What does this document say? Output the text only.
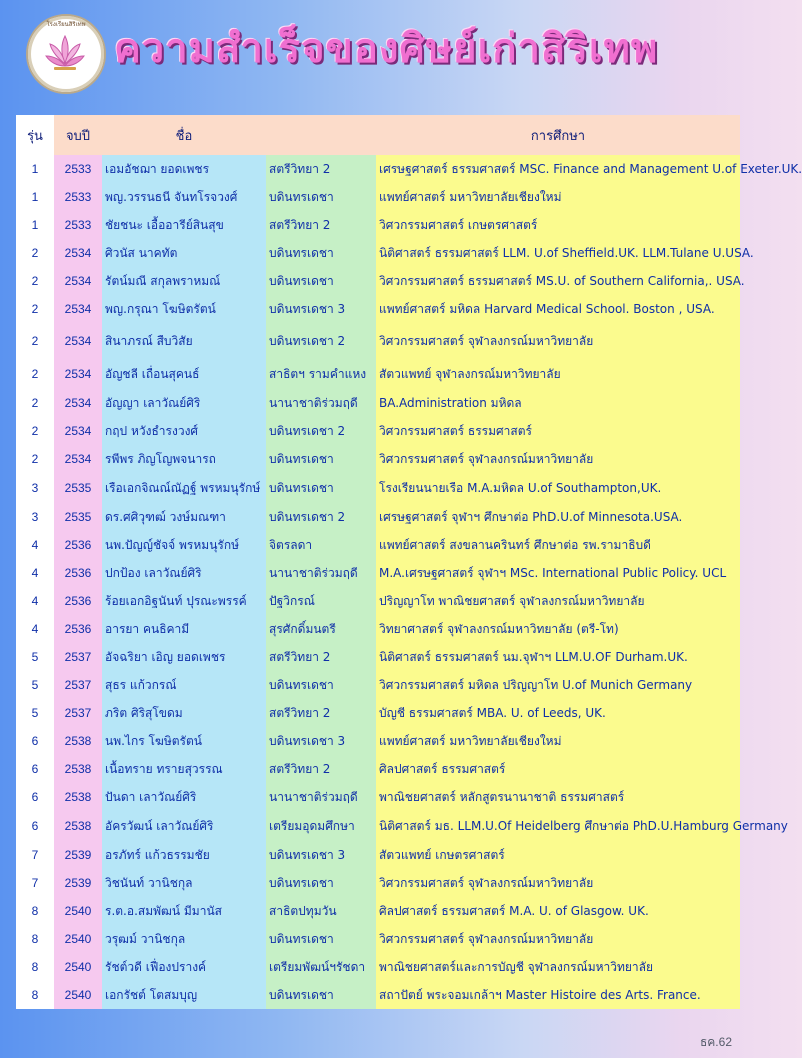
โรงเรียนสิริเทพ
ความสำเร็จของศิษย์เก่าสิริเทพ
รุ่น	จบปี	ชื่อ		การศึกษา
1	2533	เอมอัชฌา ยอดเพชร	สตรีวิทยา 2	เศรษฐศาสตร์ ธรรมศาสตร์ MSC. Finance and Management U.of Exeter.UK.
1	2533	พญ.วรรนธนี จันทโรจวงศ์	บดินทรเดชา	แพทย์ศาสตร์ มหาวิทยาลัยเชียงใหม่
1	2533	ชัยชนะ เอื้ออารีย์สินสุข	สตรีวิทยา 2	วิศวกรรมศาสตร์ เกษตรศาสตร์
2	2534	ศิวนัส นาคทัต	บดินทรเดชา	นิติศาสตร์ ธรรมศาสตร์ LLM. U.of Sheffield.UK. LLM.Tulane U.USA.
2	2534	รัตน์มณี สกุลพราหมณ์	บดินทรเดชา	วิศวกรรมศาสตร์ ธรรมศาสตร์ MS.U. of Southern California,. USA.
2	2534	พญ.กรุณา โฆษิตรัตน์	บดินทรเดชา 3	แพทย์ศาสตร์ มหิดล Harvard Medical School. Boston , USA.
2	2534	สินาภรณ์ สืบวิสัย	บดินทรเดชา 2	วิศวกรรมศาสตร์ จุฬาลงกรณ์มหาวิทยาลัย
2	2534	อัญชลี เถื่อนสุคนธ์	สาธิตฯ รามคำแหง	สัตวแพทย์ จุฬาลงกรณ์มหาวิทยาลัย
2	2534	อัญญา เลาวัณย์ศิริ	นานาชาติร่วมฤดี	BA.Administration มหิดล
2	2534	กฤป หวังธำรงวงศ์	บดินทรเดชา 2	วิศวกรรมศาสตร์ ธรรมศาสตร์
2	2534	รพีพร ภิญโญพจนารถ	บดินทรเดชา	วิศวกรรมศาสตร์ จุฬาลงกรณ์มหาวิทยาลัย
3	2535	เรือเอกจิณณ์ณัฏฐ์ พรหมนุรักษ์	บดินทรเดชา	โรงเรียนนายเรือ M.A.มหิดล U.of Southampton,UK.
3	2535	ดร.ศศิวุฑฒ์ วงษ์มณฑา	บดินทรเดชา 2	เศรษฐศาสตร์ จุฬาฯ ศึกษาต่อ PhD.U.of Minnesota.USA.
4	2536	นพ.ปัญญ์ชัจจ์ พรหมนุรักษ์	จิตรลดา	แพทย์ศาสตร์ สงขลานครินทร์ ศึกษาต่อ รพ.รามาธิบดี
4	2536	ปกป้อง เลาวัณย์ศิริ	นานาชาติร่วมฤดี	M.A.เศรษฐศาสตร์ จุฬาฯ MSc. International Public Policy. UCL
4	2536	ร้อยเอกอิฐนันท์ ปุรณะพรรค์	ปัฐวิกรณ์	ปริญญาโท พาณิชยศาสตร์ จุฬาลงกรณ์มหาวิทยาลัย
4	2536	อารยา คนธิคามี	สุรศักดิ์มนตรี	วิทยาศาสตร์ จุฬาลงกรณ์มหาวิทยาลัย (ตรี-โท)
5	2537	อัจฉริยา เอิญ ยอดเพชร	สตรีวิทยา 2	นิติศาสตร์ ธรรมศาสตร์ นม.จุฬาฯ LLM.U.OF Durham.UK.
5	2537	สุธร แก้วกรณ์	บดินทรเดชา	วิศวกรรมศาสตร์ มหิดล ปริญญาโท U.of Munich Germany
5	2537	ภริต ศิริสุโขดม	สตรีวิทยา 2	บัญชี ธรรมศาสตร์ MBA. U. of Leeds, UK.
6	2538	นพ.ไกร โฆษิตรัตน์	บดินทรเดชา 3	แพทย์ศาสตร์ มหาวิทยาลัยเชียงใหม่
6	2538	เนื้อทราย ทรายสุวรรณ	สตรีวิทยา 2	ศิลปศาสตร์ ธรรมศาสตร์
6	2538	ปันดา เลาวัณย์ศิริ	นานาชาติร่วมฤดี	พาณิชยศาสตร์ หลักสูตรนานาชาติ ธรรมศาสตร์
6	2538	อัครวัฒน์ เลาวัณย์ศิริ	เตรียมอุดมศึกษา	นิติศาสตร์ มธ. LLM.U.Of Heidelberg ศึกษาต่อ PhD.U.Hamburg Germany
7	2539	อรภัทร์ แก้วธรรมชัย	บดินทรเดชา 3	สัตวแพทย์ เกษตรศาสตร์
7	2539	วิชนันท์ วานิชกุล	บดินทรเดชา	วิศวกรรมศาสตร์ จุฬาลงกรณ์มหาวิทยาลัย
8	2540	ร.ต.อ.สมพัฒน์ มีมานัส	สาธิตปทุมวัน	ศิลปศาสตร์ ธรรมศาสตร์ M.A. U. of Glasgow. UK.
8	2540	วรุฒม์ วานิชกุล	บดินทรเดชา	วิศวกรรมศาสตร์ จุฬาลงกรณ์มหาวิทยาลัย
8	2540	รัชต์วดี เฟื่องปรางค์	เตรียมพัฒน์ฯรัชดา	พาณิชยศาสตร์และการบัญชี จุฬาลงกรณ์มหาวิทยาลัย
8	2540	เอกรัชต์ โตสมบุญ	บดินทรเดชา	สถาปัตย์ พระจอมเกล้าฯ Master Histoire des Arts. France.
ธค.62
